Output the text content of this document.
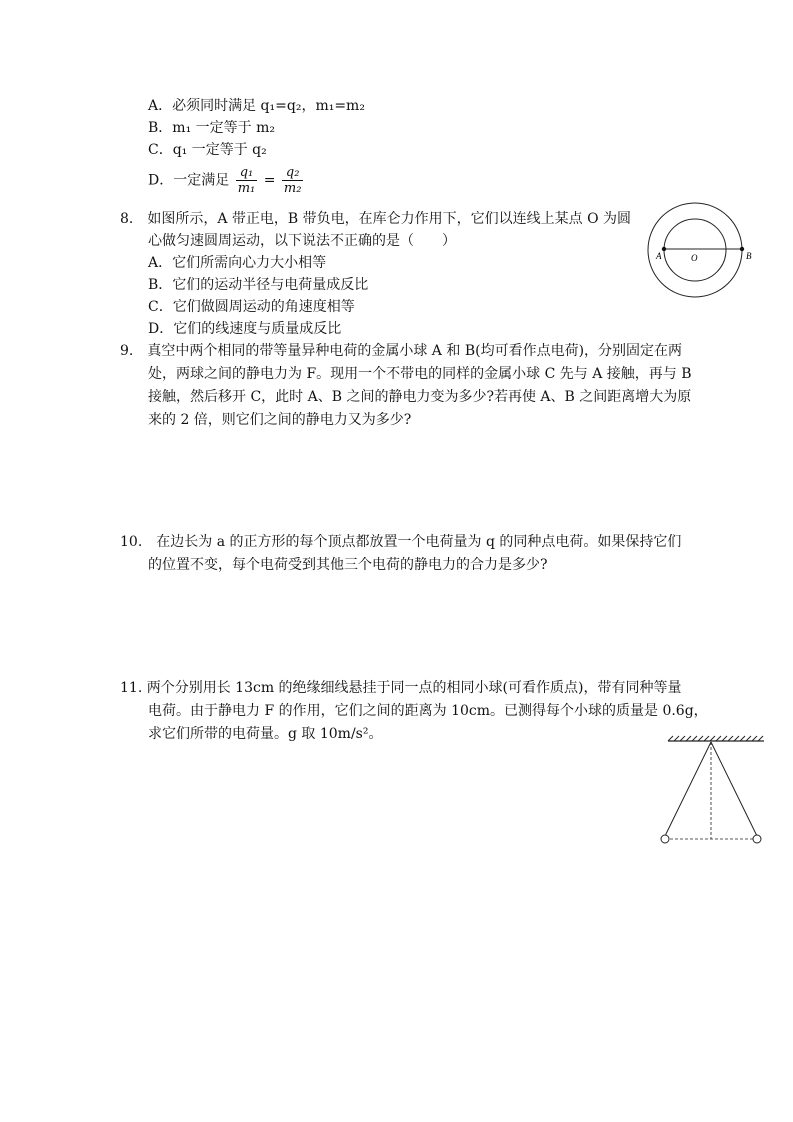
A．必须同时满足 q₁=q₂，m₁=m₂
B．m₁ 一定等于 m₂
C．q₁ 一定等于 q₂
D．一定满足 $\frac{\text{q₁}}{\text{m₁}} = \frac{\text{q₂}}{\text{m₂}}$
8． 如图所示，A 带正电，B 带负电，在库仑力作用下，它们以连线上某点 O 为圆
心做匀速圆周运动，以下说法不正确的是（　　）
A．它们所需向心力大小相等
B．它们的运动半径与电荷量成反比
C．它们做圆周运动的角速度相等
D．它们的线速度与质量成反比
A	O	B
9.　真空中两个相同的带等量异种电荷的金属小球 A 和 B(均可看作点电荷)，分别固定在两
处，两球之间的静电力为 F。现用一个不带电的同样的金属小球 C 先与 A 接触，再与 B
接触，然后移开 C，此时 A、B 之间的静电力变为多少?若再使 A、B 之间距离增大为原
来的 2 倍，则它们之间的静电力又为多少?
10.　在边长为 a 的正方形的每个顶点都放置一个电荷量为 q 的同种点电荷。如果保持它们
的位置不变，每个电荷受到其他三个电荷的静电力的合力是多少?
11. 两个分别用长 13cm 的绝缘细线悬挂于同一点的相同小球(可看作质点)，带有同种等量
电荷。由于静电力 F 的作用，它们之间的距离为 10cm。已测得每个小球的质量是 0.6g，
求它们所带的电荷量。g 取 10m/s²。
